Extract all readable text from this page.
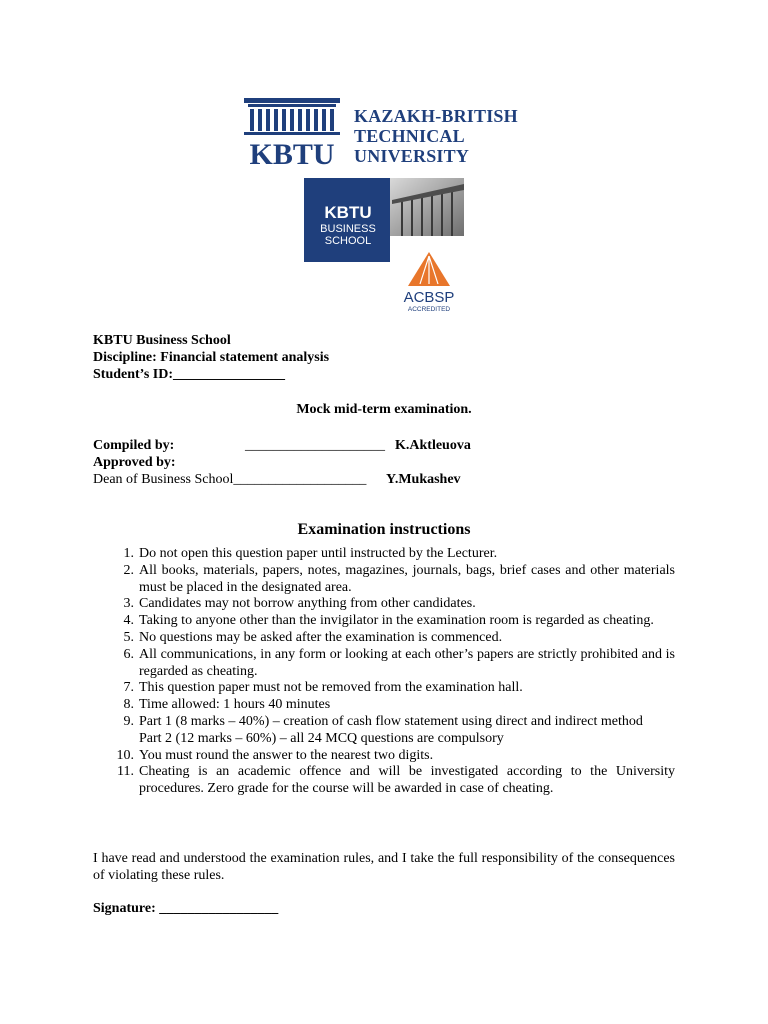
KBTU
KAZAKH-BRITISH
TECHNICAL
UNIVERSITY
KBTU
BUSINESS
SCHOOL
ACBSP
ACCREDITED
KBTU Business School
Discipline: Financial statement analysis
Student’s ID:________________
Mock mid-term examination.
Compiled by:	____________________ K.Aktleuova
Approved by:
Dean of Business School___________________ Y.Mukashev
Examination instructions
1. Do not open this question paper until instructed by the Lecturer.
2. All books, materials, papers, notes, magazines, journals, bags, brief cases and other materials must be placed in the designated area.
3. Candidates may not borrow anything from other candidates.
4. Taking to anyone other than the invigilator in the examination room is regarded as cheating.
5. No questions may be asked after the examination is commenced.
6. All communications, in any form or looking at each other’s papers are strictly prohibited and is regarded as cheating.
7. This question paper must not be removed from the examination hall.
8. Time allowed: 1 hours 40 minutes
9. Part 1 (8 marks – 40%) – creation of cash flow statement using direct and indirect method
Part 2 (12 marks – 60%) – all 24 MCQ questions are compulsory
10. You must round the answer to the nearest two digits.
11. Cheating is an academic offence and will be investigated according to the University procedures. Zero grade for the course will be awarded in case of cheating.
I have read and understood the examination rules, and I take the full responsibility of the consequences of violating these rules.
Signature: _________________
